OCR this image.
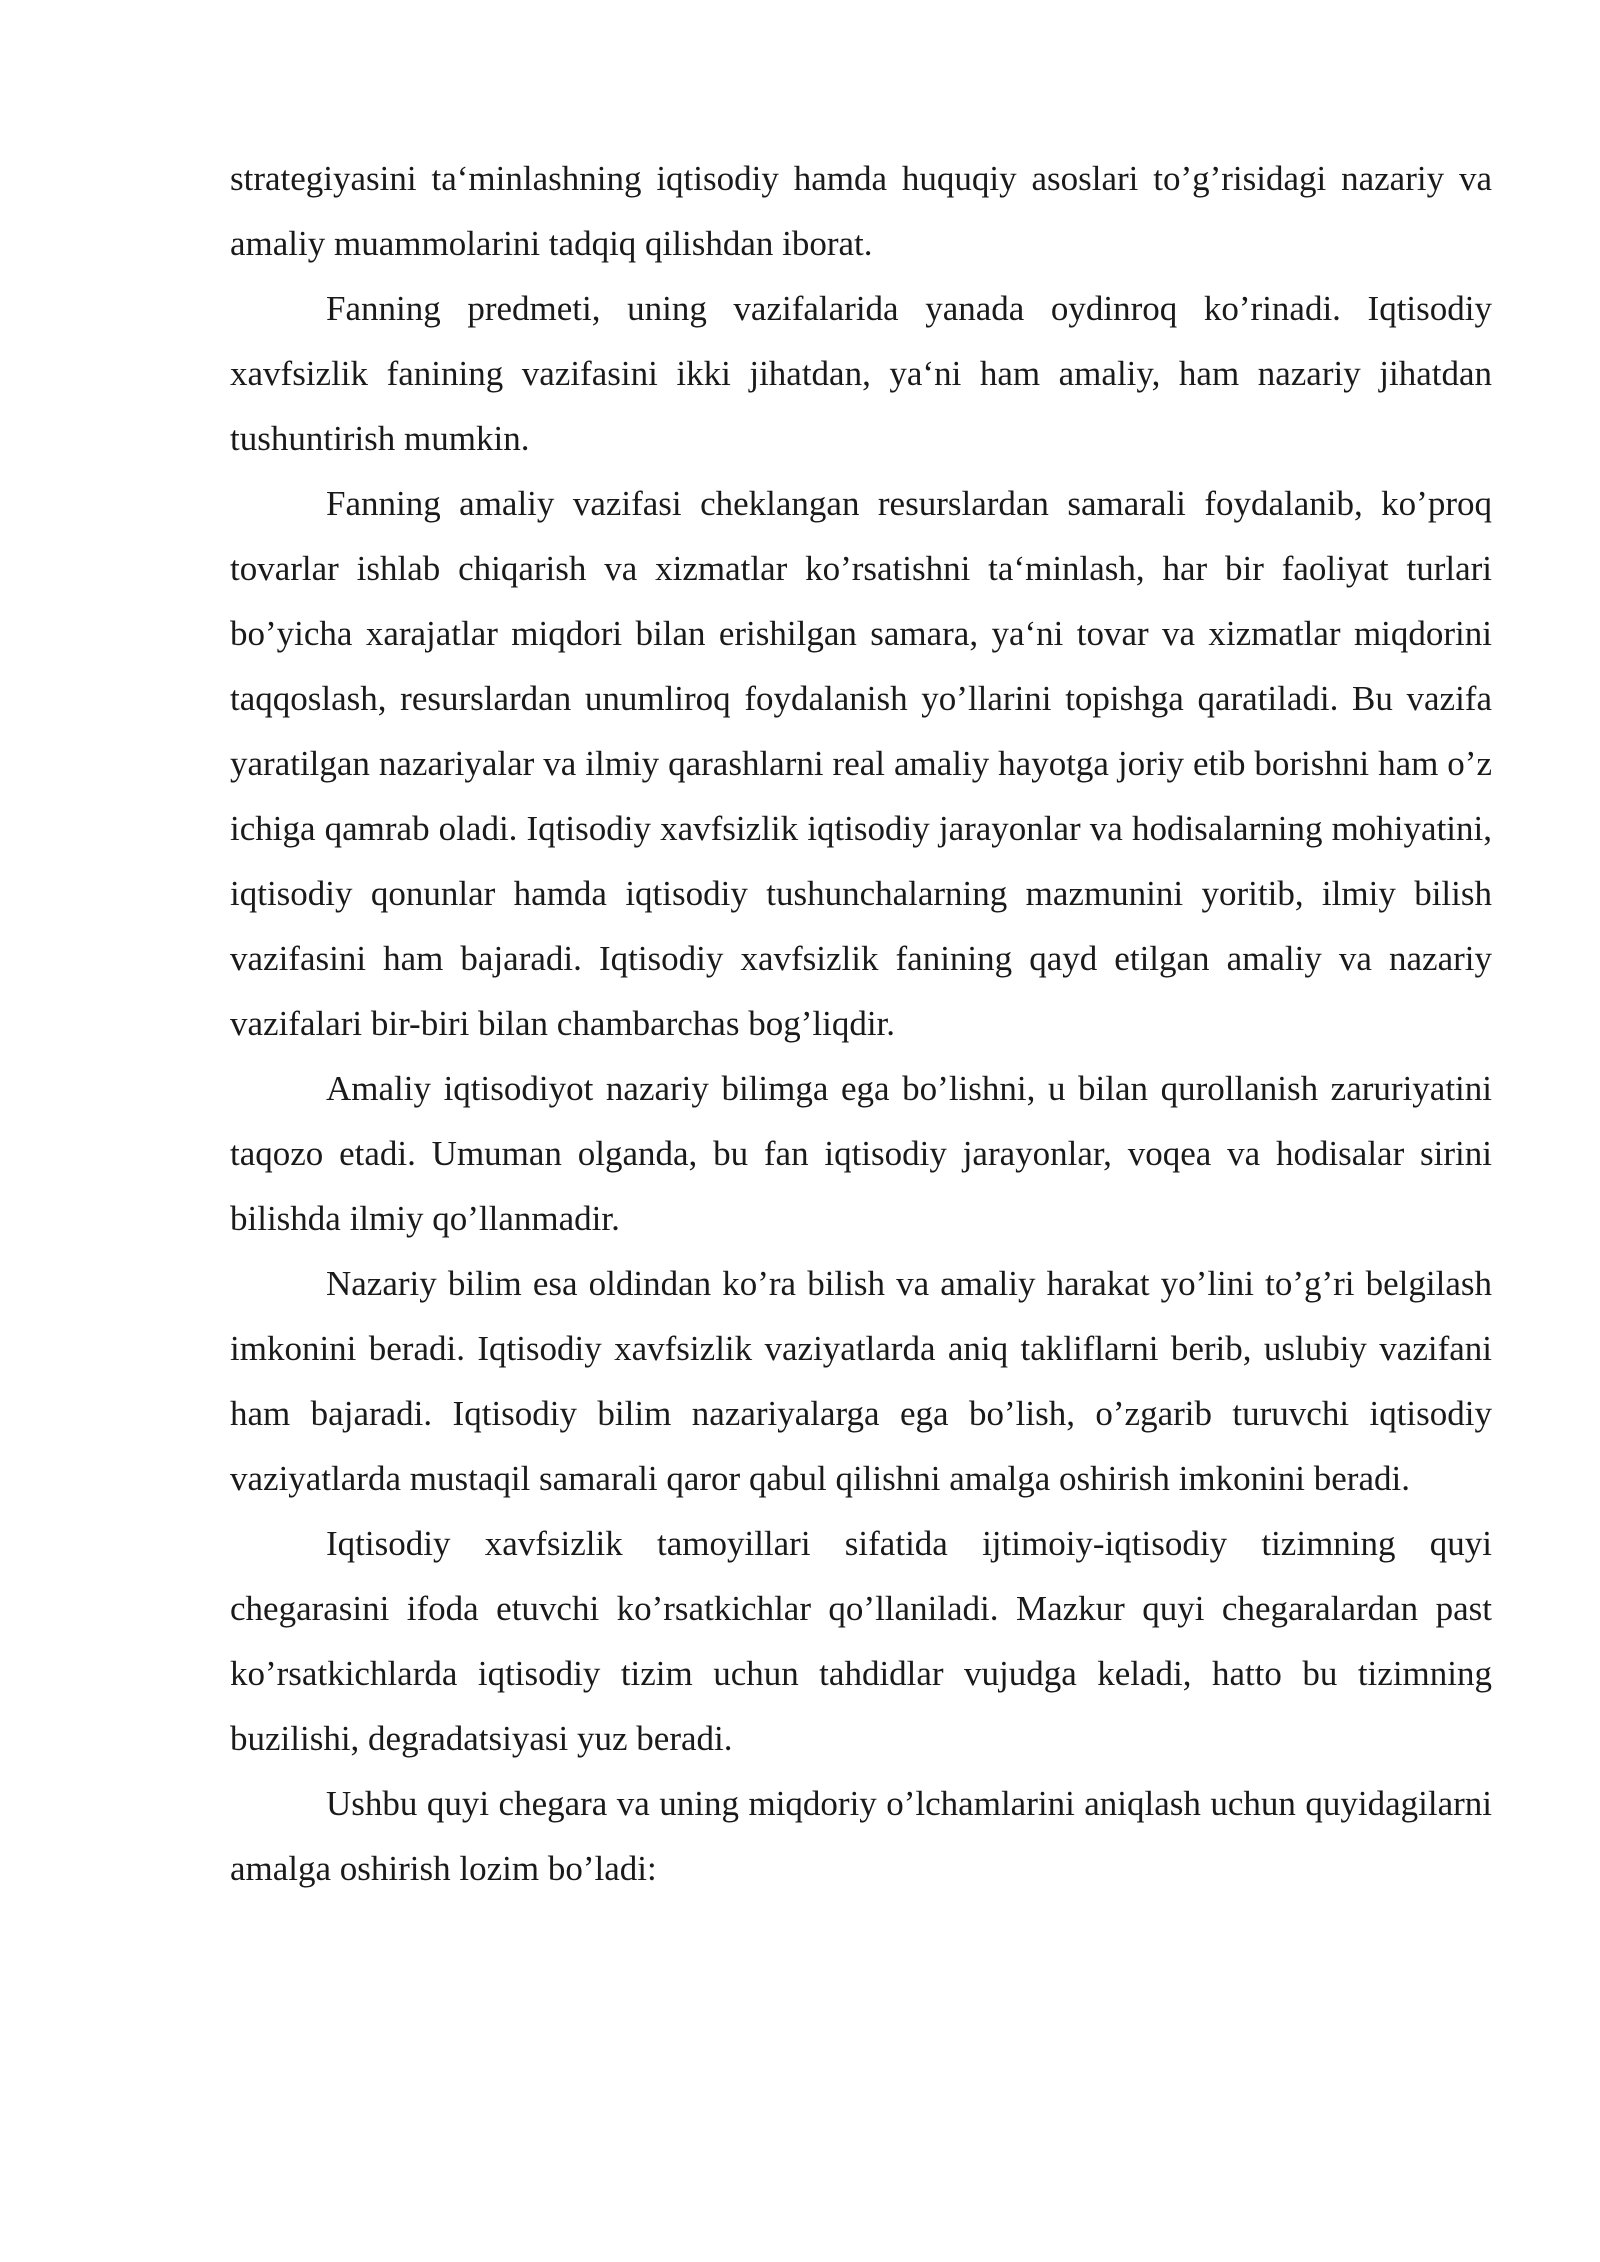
strategiyasini ta‘minlashning iqtisodiy hamda huquqiy asoslari to’g’risidagi nazariy va amaliy muammolarini tadqiq qilishdan iborat.

Fanning predmeti, uning vazifalarida yanada oydinroq ko’rinadi. Iqtisodiy xavfsizlik fanining vazifasini ikki jihatdan, ya‘ni ham amaliy, ham nazariy jihatdan tushuntirish mumkin.

Fanning amaliy vazifasi cheklangan resurslardan samarali foydalanib, ko’proq tovarlar ishlab chiqarish va xizmatlar ko’rsatishni ta‘minlash, har bir faoliyat turlari bo’yicha xarajatlar miqdori bilan erishilgan samara, ya‘ni tovar va xizmatlar miqdorini taqqoslash, resurslardan unumliroq foydalanish yo’llarini topishga qaratiladi. Bu vazifa yaratilgan nazariyalar va ilmiy qarashlarni real amaliy hayotga joriy etib borishni ham o’z ichiga qamrab oladi. Iqtisodiy xavfsizlik iqtisodiy jarayonlar va hodisalarning mohiyatini, iqtisodiy qonunlar hamda iqtisodiy tushunchalarning mazmunini yoritib, ilmiy bilish vazifasini ham bajaradi. Iqtisodiy xavfsizlik fanining qayd etilgan amaliy va nazariy vazifalari bir-biri bilan chambarchas bog’liqdir.

Amaliy iqtisodiyot nazariy bilimga ega bo’lishni, u bilan qurollanish zaruriyatini taqozo etadi. Umuman olganda, bu fan iqtisodiy jarayonlar, voqea va hodisalar sirini bilishda ilmiy qo’llanmadir.

Nazariy bilim esa oldindan ko’ra bilish va amaliy harakat yo’lini to’g’ri belgilash imkonini beradi. Iqtisodiy xavfsizlik vaziyatlarda aniq takliflarni berib, uslubiy vazifani ham bajaradi. Iqtisodiy bilim nazariyalarga ega bo’lish, o’zgarib turuvchi iqtisodiy vaziyatlarda mustaqil samarali qaror qabul qilishni amalga oshirish imkonini beradi.

Iqtisodiy xavfsizlik tamoyillari sifatida ijtimoiy-iqtisodiy tizimning quyi chegarasini ifoda etuvchi ko’rsatkichlar qo’llaniladi. Mazkur quyi chegaralardan past ko’rsatkichlarda iqtisodiy tizim uchun tahdidlar vujudga keladi, hatto bu tizimning buzilishi, degradatsiyasi yuz beradi.

Ushbu quyi chegara va uning miqdoriy o’lchamlarini aniqlash uchun quyidagilarni amalga oshirish lozim bo’ladi:
